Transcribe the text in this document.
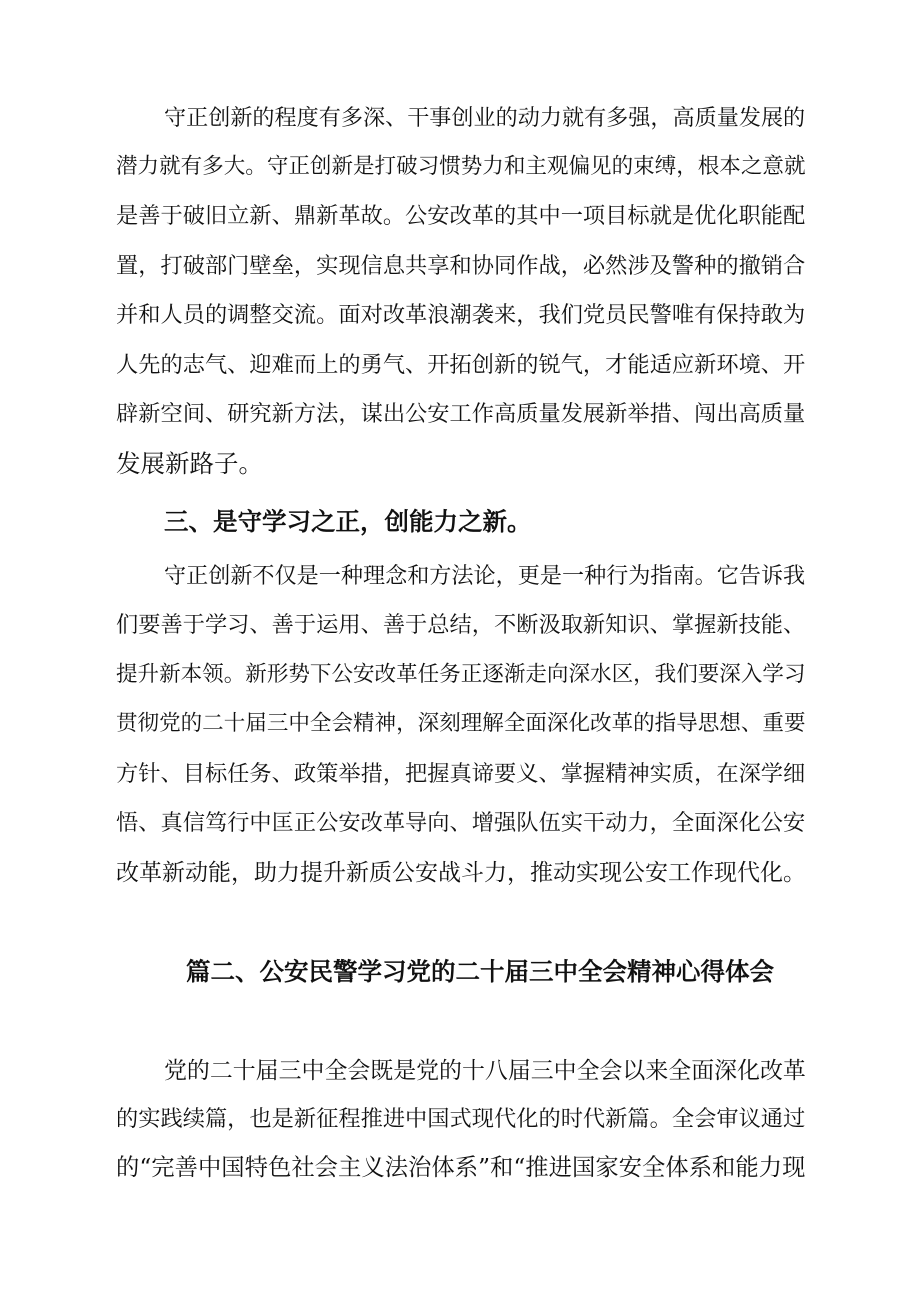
守正创新的程度有多深、干事创业的动力就有多强，高质量发展的

潜力就有多大。守正创新是打破习惯势力和主观偏见的束缚，根本之意就

是善于破旧立新、鼎新革故。公安改革的其中一项目标就是优化职能配

置，打破部门壁垒，实现信息共享和协同作战，必然涉及警种的撤销合

并和人员的调整交流。面对改革浪潮袭来，我们党员民警唯有保持敢为

人先的志气、迎难而上的勇气、开拓创新的锐气，才能适应新环境、开

辟新空间、研究新方法，谋出公安工作高质量发展新举措、闯出高质量

发展新路子。

三、是守学习之正，创能力之新。

守正创新不仅是一种理念和方法论，更是一种行为指南。它告诉我

们要善于学习、善于运用、善于总结，不断汲取新知识、掌握新技能、

提升新本领。新形势下公安改革任务正逐渐走向深水区，我们要深入学习

贯彻党的二十届三中全会精神，深刻理解全面深化改革的指导思想、重要

方针、目标任务、政策举措，把握真谛要义、掌握精神实质，在深学细

悟、真信笃行中匡正公安改革导向、增强队伍实干动力，全面深化公安

改革新动能，助力提升新质公安战斗力，推动实现公安工作现代化。

篇二、公安民警学习党的二十届三中全会精神心得体会

党的二十届三中全会既是党的十八届三中全会以来全面深化改革

的实践续篇，也是新征程推进中国式现代化的时代新篇。全会审议通过

的“完善中国特色社会主义法治体系”和“推进国家安全体系和能力现
